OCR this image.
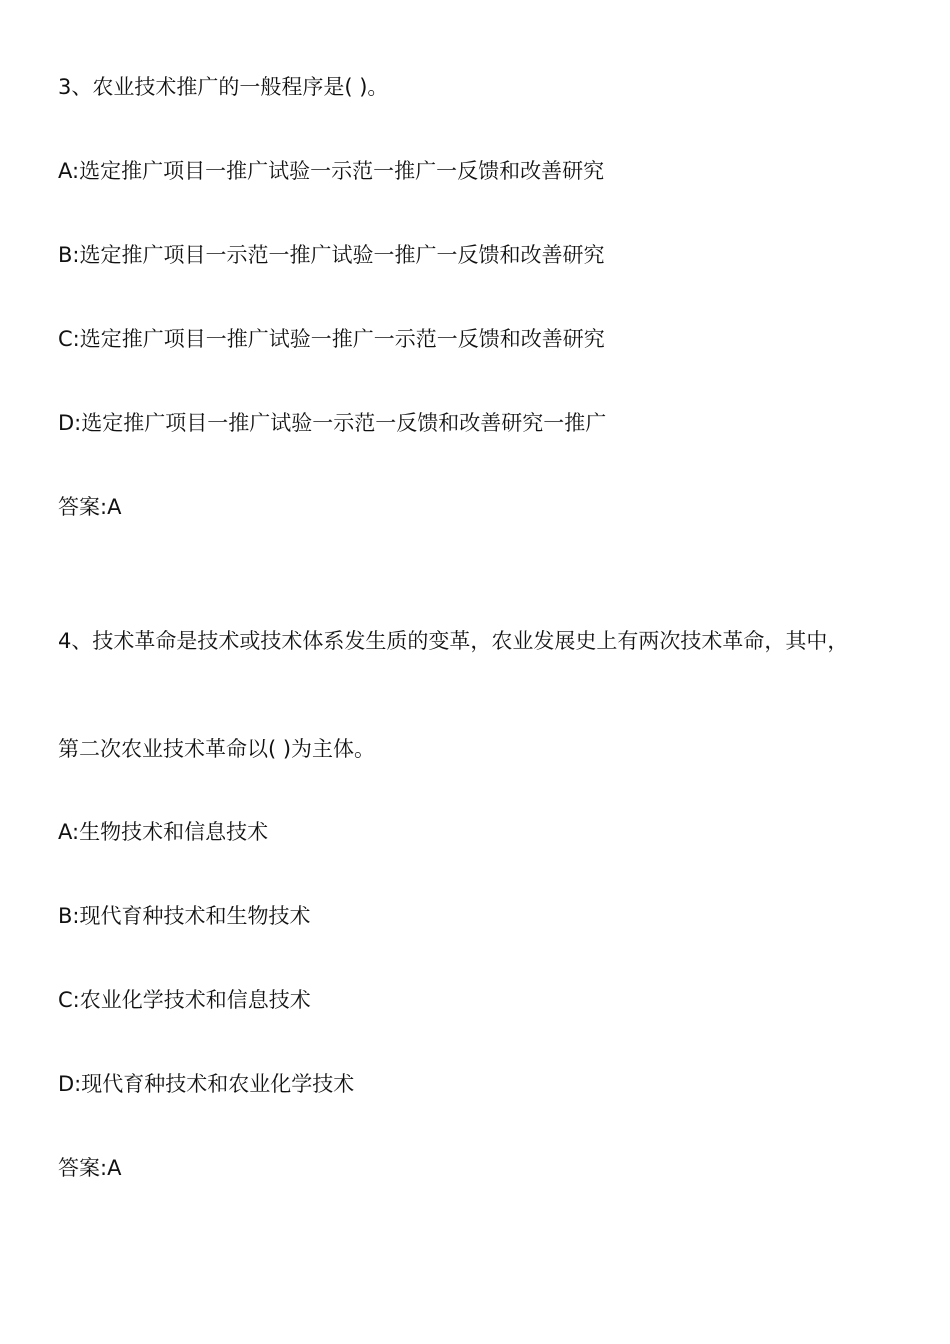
3、农业技术推广的一般程序是( )。
A:选定推广项目一推广试验一示范一推广一反馈和改善研究
B:选定推广项目一示范一推广试验一推广一反馈和改善研究
C:选定推广项目一推广试验一推广一示范一反馈和改善研究
D:选定推广项目一推广试验一示范一反馈和改善研究一推广
答案:A
4、技术革命是技术或技术体系发生质的变革，农业发展史上有两次技术革命，其中，
第二次农业技术革命以( )为主体。
A:生物技术和信息技术
B:现代育种技术和生物技术
C:农业化学技术和信息技术
D:现代育种技术和农业化学技术
答案:A
